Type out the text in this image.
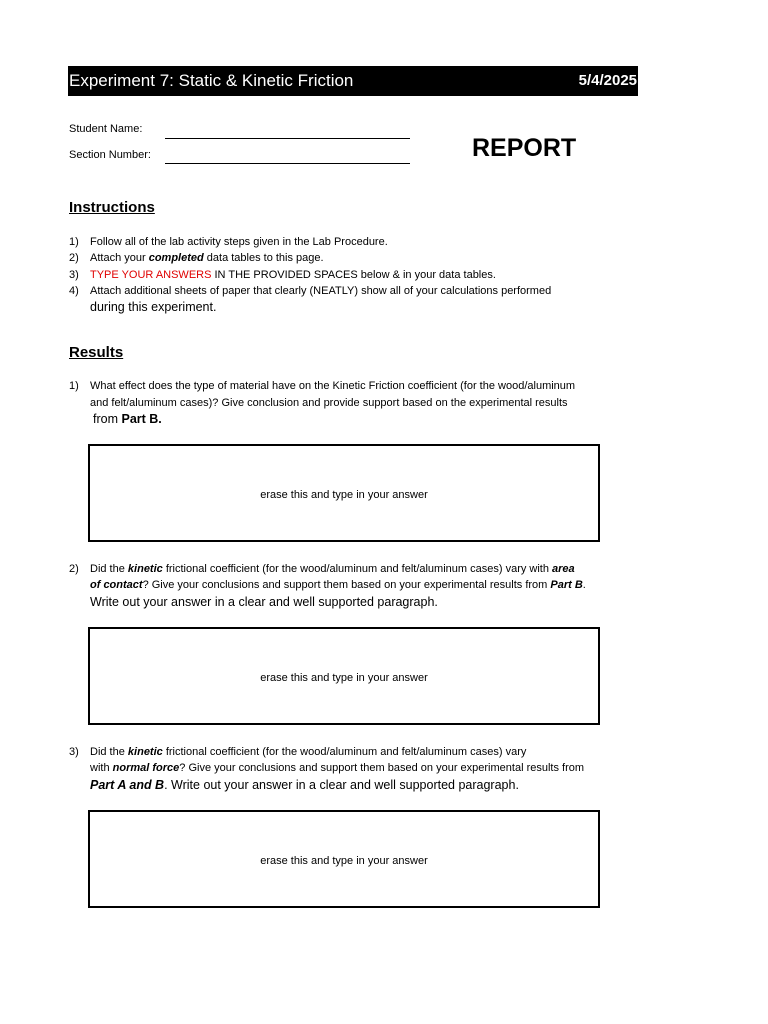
Experiment 7: Static & Kinetic Friction	5/4/2025
Student Name:
Section Number:	REPORT
Instructions
1) Follow all of the lab activity steps given in the Lab Procedure.
2) Attach your completed data tables to this page.
3) TYPE YOUR ANSWERS IN THE PROVIDED SPACES below & in your data tables.
4) Attach additional sheets of paper that clearly (NEATLY) show all of your calculations performed
during this experiment.
Results
1) What effect does the type of material have on the Kinetic Friction coefficient (for the wood/aluminum
and felt/aluminum cases)? Give conclusion and provide support based on the experimental results
from Part B.
erase this and type in your answer
2) Did the kinetic frictional coefficient (for the wood/aluminum and felt/aluminum cases) vary with area
of contact? Give your conclusions and support them based on your experimental results from Part B.
Write out your answer in a clear and well supported paragraph.
erase this and type in your answer
3) Did the kinetic frictional coefficient (for the wood/aluminum and felt/aluminum cases) vary
with normal force? Give your conclusions and support them based on your experimental results from
Part A and B. Write out your answer in a clear and well supported paragraph.
erase this and type in your answer
